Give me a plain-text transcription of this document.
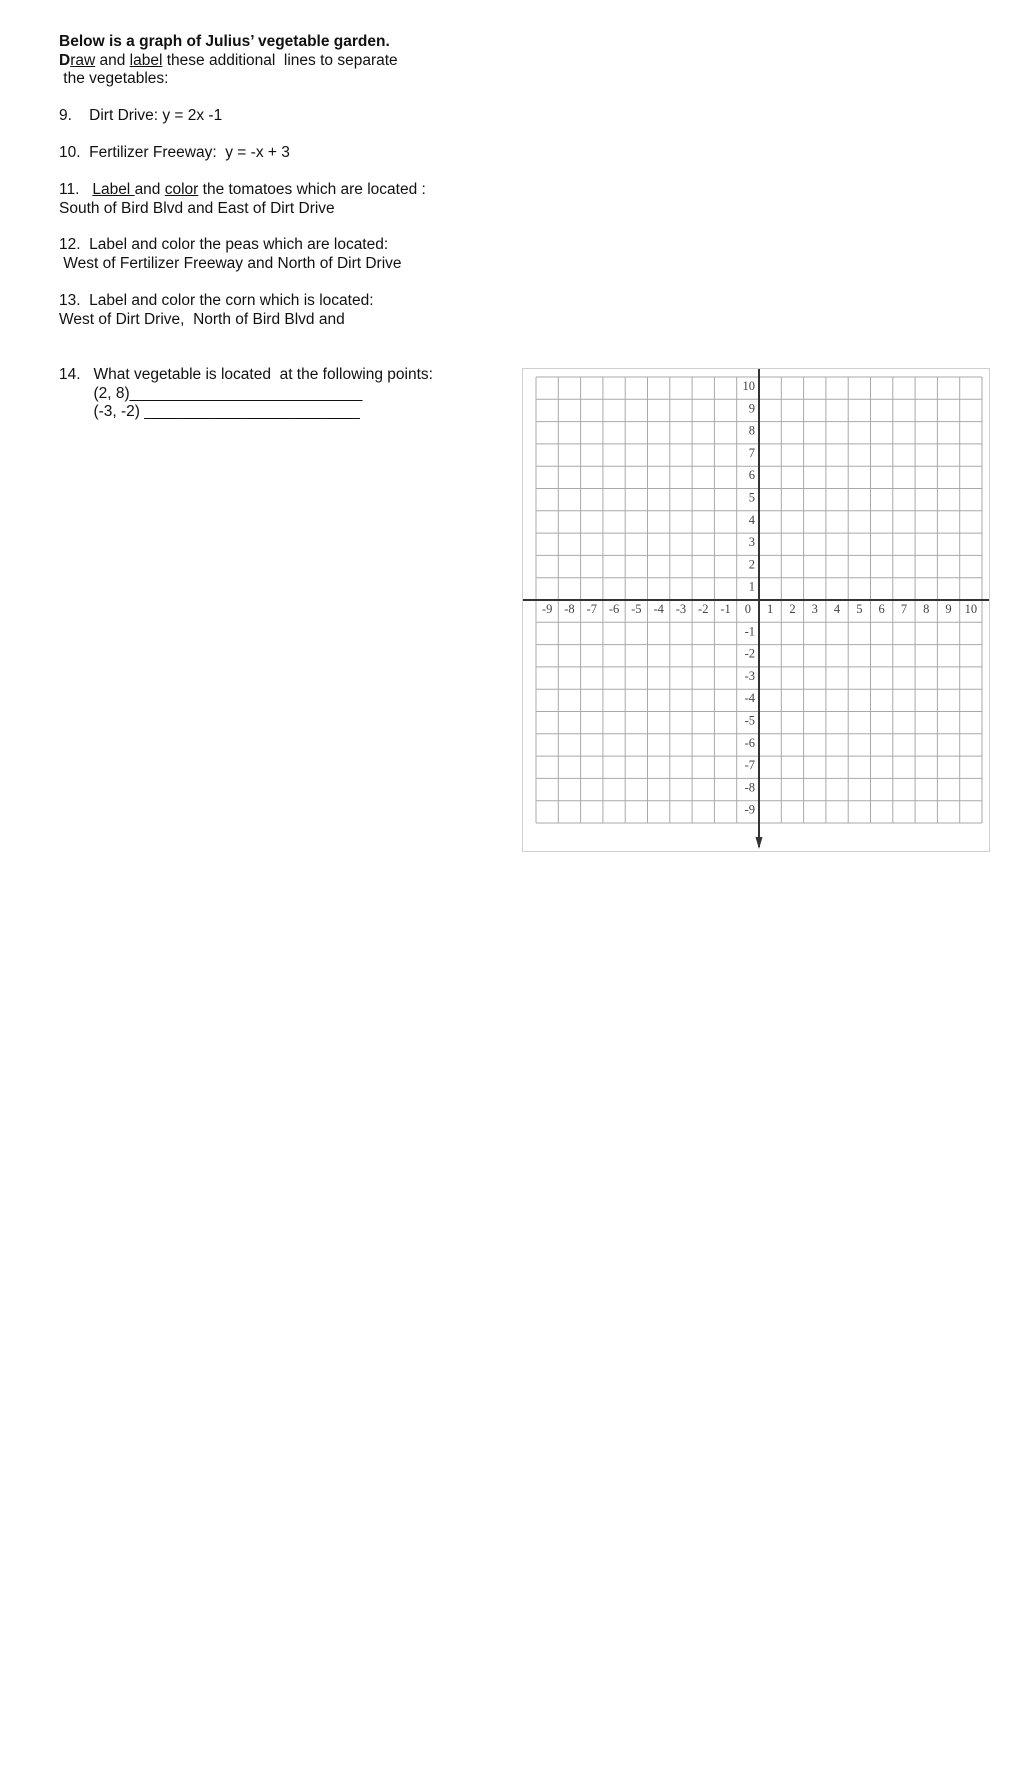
Below is a graph of Julius’ vegetable garden.

Draw and label these additional  lines to separate

the vegetables:

9.    Dirt Drive: y = 2x -1

10.  Fertilizer Freeway:  y = -x + 3

11.   Label and color the tomatoes which are located :

South of Bird Blvd and East of Dirt Drive

12.  Label and color the peas which are located:

West of Fertilizer Freeway and North of Dirt Drive

13.  Label and color the corn which is located:

West of Dirt Drive,  North of Bird Blvd and

14.   What vegetable is located  at the following points:

(2, 8)___________________________

(-3, -2) _________________________

-9 -8 -7 -6 -5 -4 -3 -2 -1 0 1 2 3 4 5 6 7 8 9 10
10
9
8
7
6
5
4
3
2
1
-1
-2
-3
-4
-5
-6
-7
-8
-9
